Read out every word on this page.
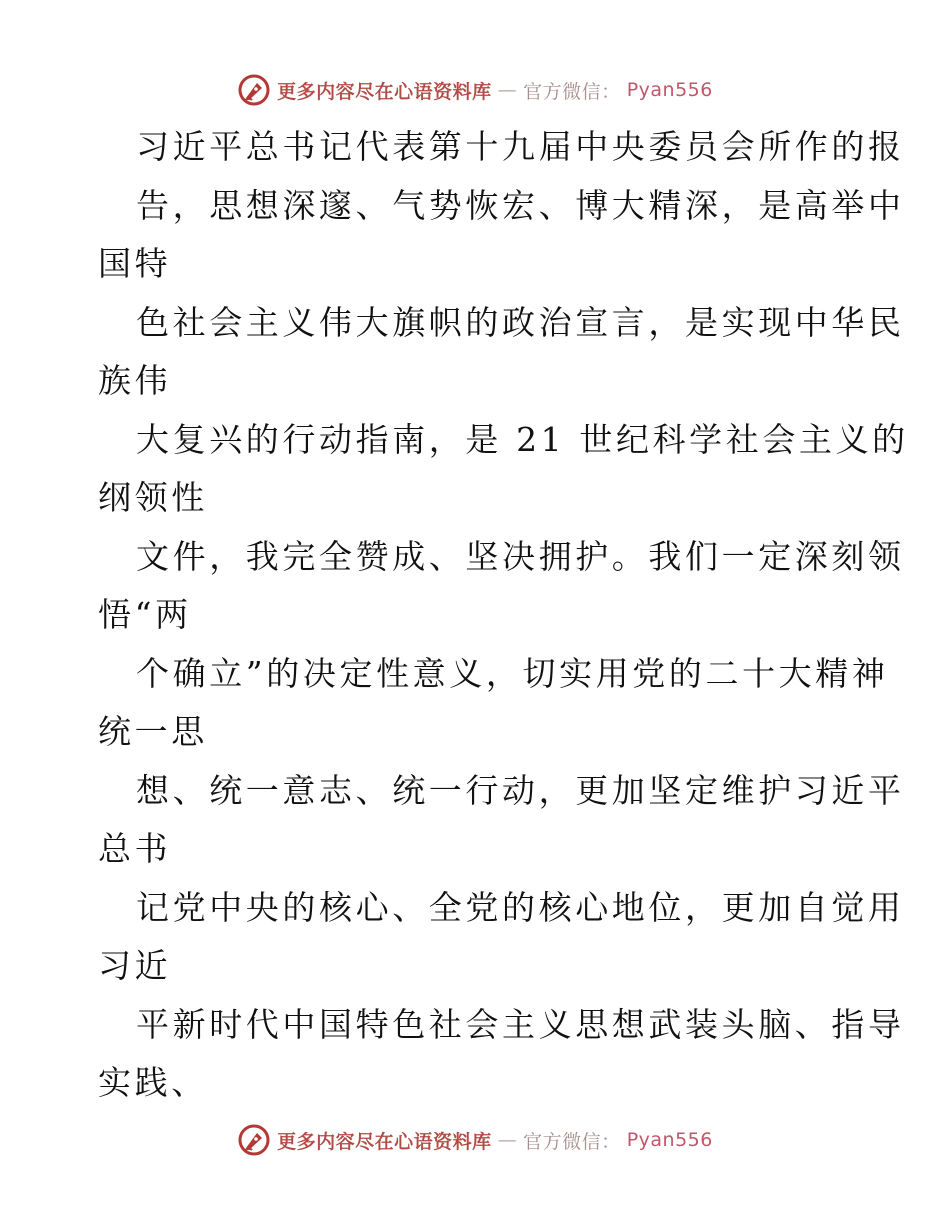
更多内容尽在心语资料库 — 官方微信： Pyan556
习近平总书记代表第十九届中央委员会所作的报
告，思想深邃、气势恢宏、博大精深，是高举中
国特
色社会主义伟大旗帜的政治宣言，是实现中华民
族伟
大复兴的行动指南，是 21 世纪科学社会主义的
纲领性
文件，我完全赞成、坚决拥护。我们一定深刻领
悟“两
个确立”的决定性意义，切实用党的二十大精神
统一思
想、统一意志、统一行动，更加坚定维护习近平
总书
记党中央的核心、全党的核心地位，更加自觉用
习近
平新时代中国特色社会主义思想武装头脑、指导
实践、
更多内容尽在心语资料库 — 官方微信： Pyan556
